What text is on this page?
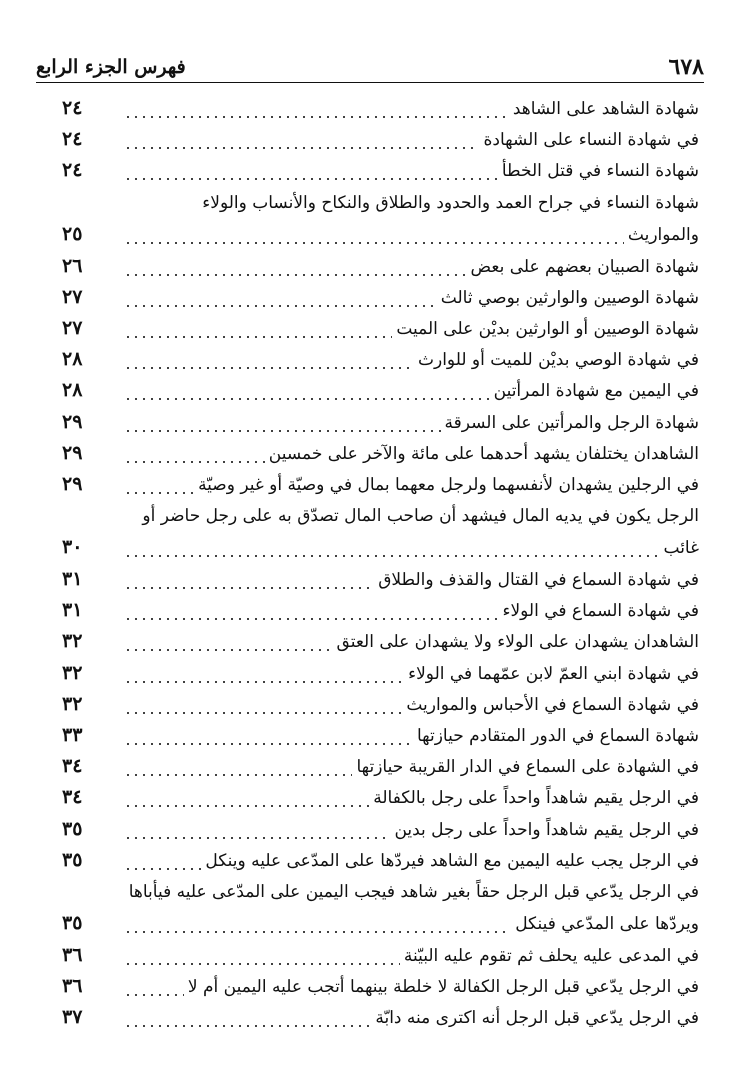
فهرس الجزء الرابع	٦٧٨
شهادة الشاهد على الشاهد
٢٤
في شهادة النساء على الشهادة
٢٤
شهادة النساء في قتل الخطأ
٢٤
شهادة النساء في جراح العمد والحدود والطلاق والنكاح والأنساب والولاء
والمواريث
٢٥
شهادة الصبيان بعضهم على بعض
٢٦
شهادة الوصيين والوارثين بوصي ثالث
٢٧
شهادة الوصيين أو الوارثين بديْن على الميت
٢٧
في شهادة الوصي بديْن للميت أو للوارث
٢٨
في اليمين مع شهادة المرأتين
٢٨
شهادة الرجل والمرأتين على السرقة
٢٩
الشاهدان يختلفان يشهد أحدهما على مائة والآخر على خمسين
٢٩
في الرجلين يشهدان لأنفسهما ولرجل معهما بمال في وصيّة أو غير وصيّة
٢٩
الرجل يكون في يديه المال فيشهد أن صاحب المال تصدّق به على رجل حاضر أو
غائب
٣٠
في شهادة السماع في القتال والقذف والطلاق
٣١
في شهادة السماع في الولاء
٣١
الشاهدان يشهدان على الولاء ولا يشهدان على العتق
٣٢
في شهادة ابني العمّ لابن عمّهما في الولاء
٣٢
في شهادة السماع في الأحباس والمواريث
٣٢
شهادة السماع في الدور المتقادم حيازتها
٣٣
في الشهادة على السماع في الدار القريبة حيازتها
٣٤
في الرجل يقيم شاهداً واحداً على رجل بالكفالة
٣٤
في الرجل يقيم شاهداً واحداً على رجل بدين
٣٥
في الرجل يجب عليه اليمين مع الشاهد فيردّها على المدّعى عليه وينكل
٣٥
في الرجل يدّعي قبل الرجل حقاً بغير شاهد فيجب اليمين على المدّعى عليه فيأباها
ويردّها على المدّعي فينكل
٣٥
في المدعى عليه يحلف ثم تقوم عليه البيّنة
٣٦
في الرجل يدّعي قبل الرجل الكفالة لا خلطة بينهما أتجب عليه اليمين أم لا
٣٦
في الرجل يدّعي قبل الرجل أنه اكترى منه دابّة
٣٧
